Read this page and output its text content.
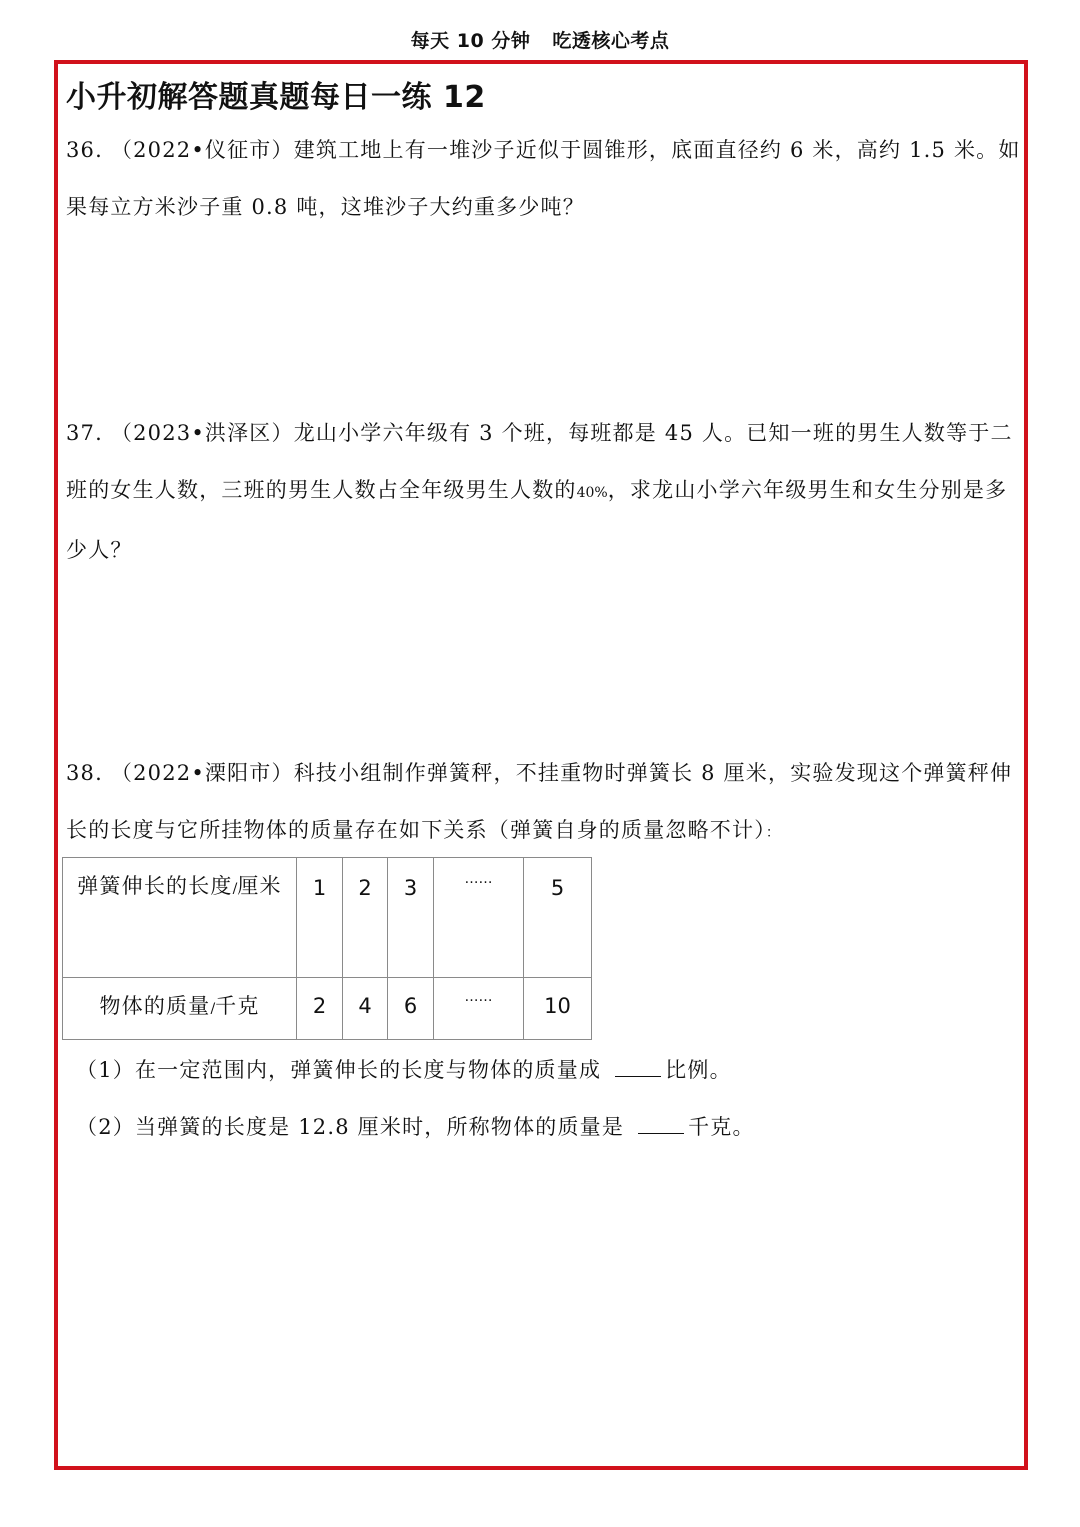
每天 10 分钟 吃透核心考点
小升初解答题真题每日一练 12

36. （2022•仪征市）建筑工地上有一堆沙子近似于圆锥形，底面直径约 6 米，高约 1.5 米。如果每立方米沙子重 0.8 吨，这堆沙子大约重多少吨？

37. （2023•洪泽区）龙山小学六年级有 3 个班，每班都是 45 人。已知一班的男生人数等于二班的女生人数，三班的男生人数占全年级男生人数的40%，求龙山小学六年级男生和女生分别是多少人？

38. （2022•溧阳市）科技小组制作弹簧秤，不挂重物时弹簧长 8 厘米，实验发现这个弹簧秤伸长的长度与它所挂物体的质量存在如下关系（弹簧自身的质量忽略不计）：

弹簧伸长的长度/厘米	1	2	3	……	5
物体的质量/千克	2	4	6	……	10

（1）在一定范围内，弹簧伸长的长度与物体的质量成	比例。

（2）当弹簧的长度是 12.8 厘米时，所称物体的质量是	千克。
